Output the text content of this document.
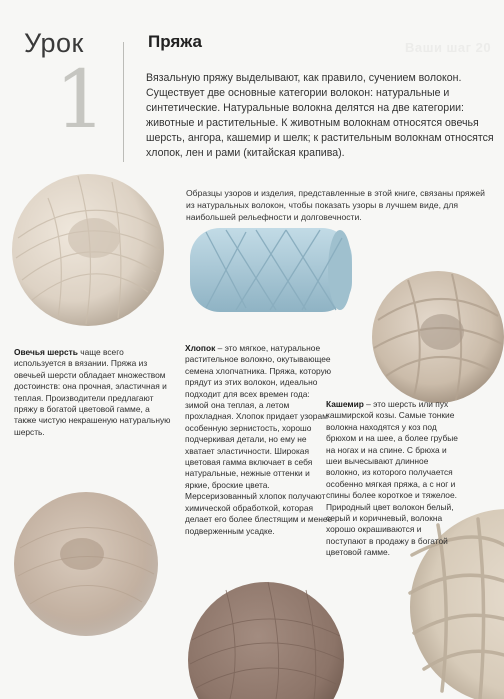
Урок
1
Пряжа	Ваши шаг 20
Вязальную пряжу выделывают, как правило, сучением волокон. Существует две основные категории волокон: натуральные и синтетические. Натуральные волокна делятся на две категории: животные и растительные. К животным волокнам относятся овечья шерсть, ангора, кашемир и шелк; к растительным волокнам относятся хлопок, лен и рами (китайская крапива).
Образцы узоров и изделия, представленные в этой книге, связаны пряжей из натуральных волокон, чтобы показать узоры в лучшем виде, для наибольшей рельефности и долговечности.
Овечья шерсть чаще всего используется в вязании. Пряжа из овечьей шерсти обладает множеством достоинств: она прочная, эластичная и теплая. Производители предлагают пряжу в богатой цветовой гамме, а также чистую некрашеную натуральную шерсть.
Хлопок – это мягкое, натуральное растительное волокно, окутывающее семена хлопчатника. Пряжа, которую прядут из этих волокон, идеально подходит для всех времен года: зимой она теплая, а летом прохладная. Хлопок придает узорам особенную зернистость, хорошо подчеркивая детали, но ему не хватает эластичности. Широкая цветовая гамма включает в себя натуральные, нежные оттенки и яркие, броские цвета. Мерсеризованный хлопок получают химической обработкой, которая делает его более блестящим и менее подверженным усадке.
Кашемир – это шерсть или пух кашмирской козы. Самые тонкие волокна находятся у коз под брюхом и на шее, а более грубые на ногах и на спине. С брюха и шеи вычесывают длинное волокно, из которого получается особенно мягкая пряжа, а с ног и спины более короткое и тяжелое. Природный цвет волокон белый, серый и коричневый, волокна хорошо окрашиваются и поступают в продажу в богатой цветовой гамме.
